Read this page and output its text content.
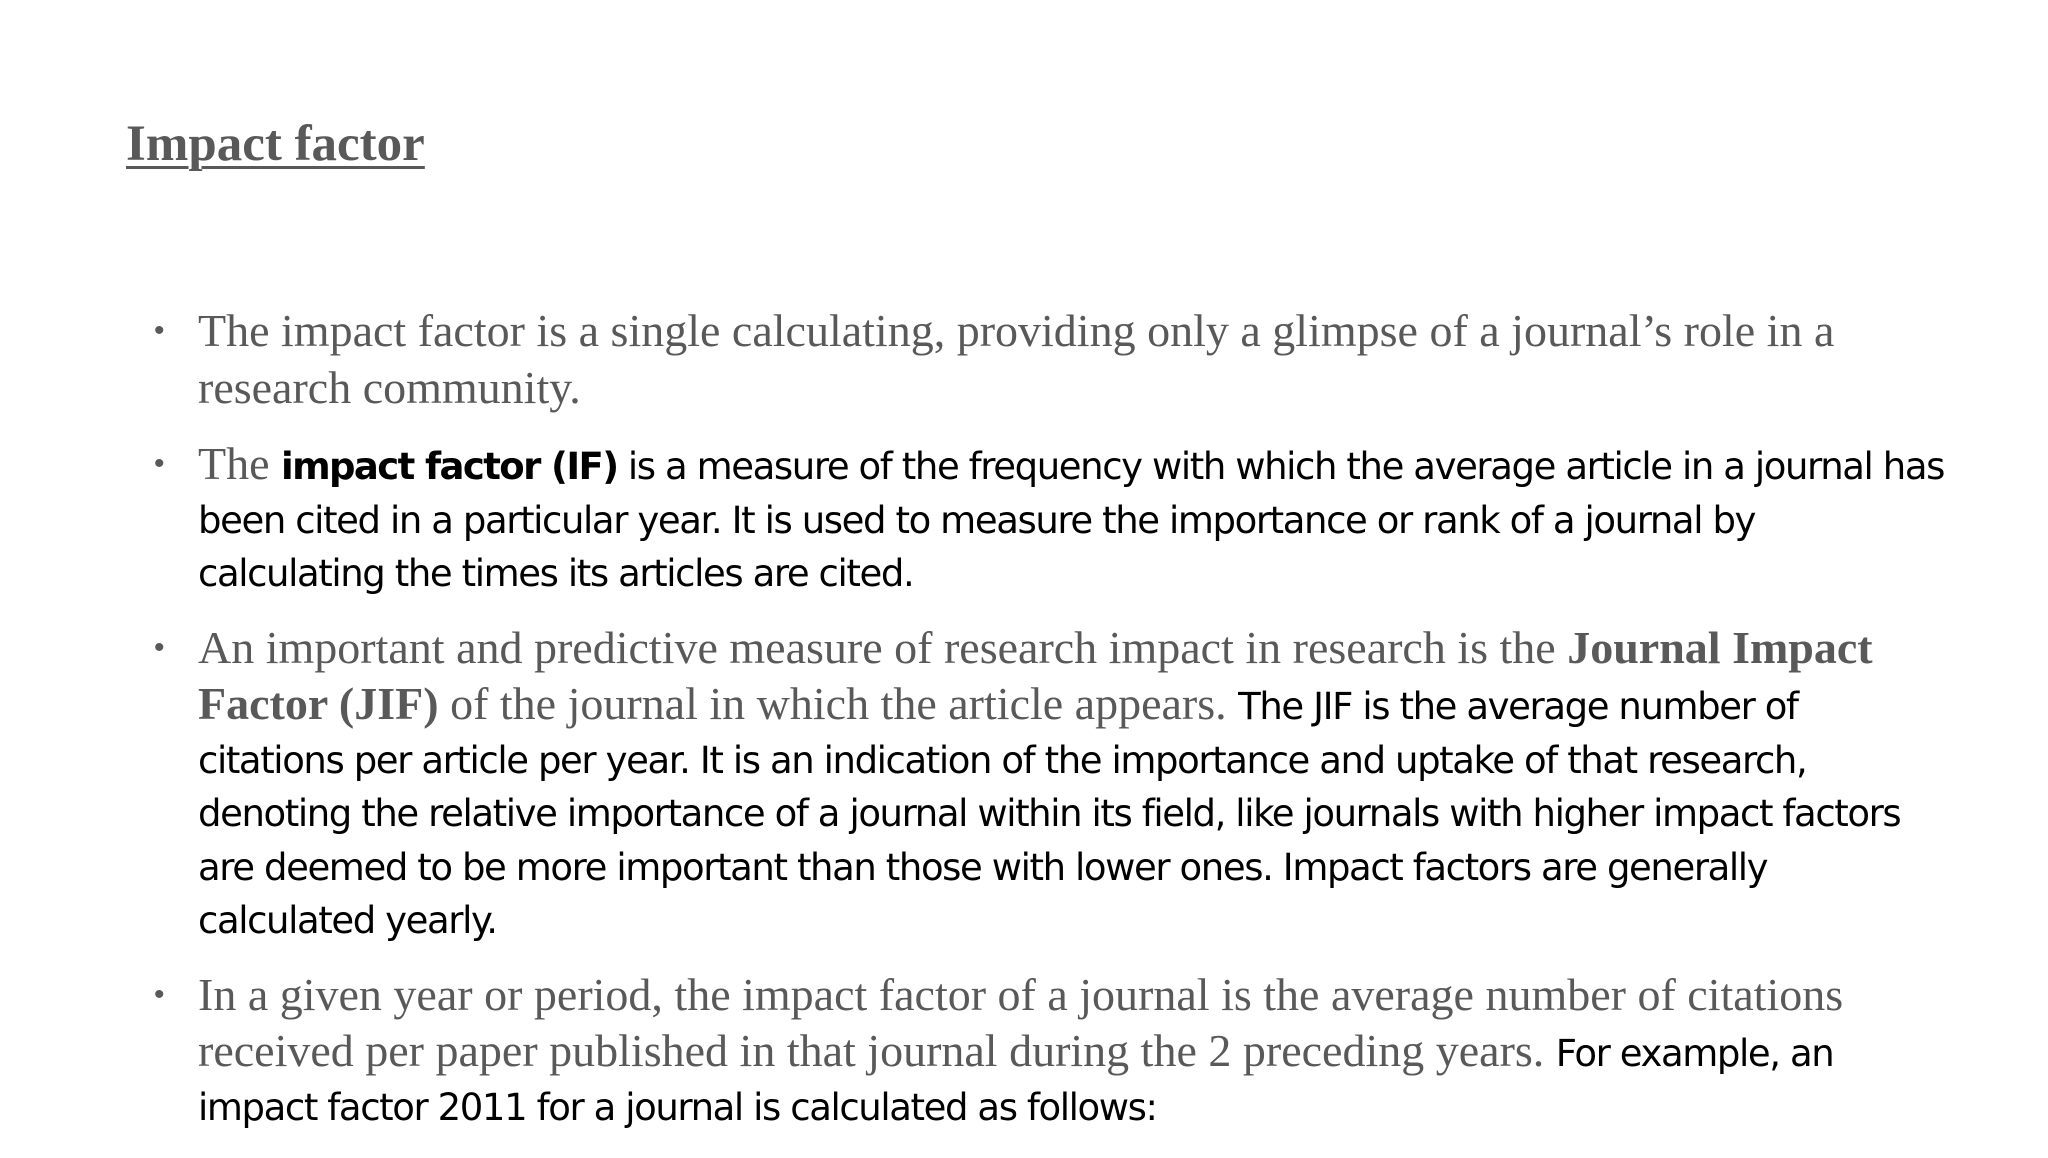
Impact factor
• The impact factor is a single calculating, providing only a glimpse of a journal’s role in a research community.
• The impact factor (IF) is a measure of the frequency with which the average article in a journal has been cited in a particular year. It is used to measure the importance or rank of a journal by calculating the times its articles are cited.
• An important and predictive measure of research impact in research is the Journal Impact Factor (JIF) of the journal in which the article appears. The JIF is the average number of citations per article per year. It is an indication of the importance and uptake of that research, denoting the relative importance of a journal within its field, like journals with higher impact factors are deemed to be more important than those with lower ones. Impact factors are generally calculated yearly.
• In a given year or period, the impact factor of a journal is the average number of citations received per paper published in that journal during the 2 preceding years. For example, an impact factor 2011 for a journal is calculated as follows:
